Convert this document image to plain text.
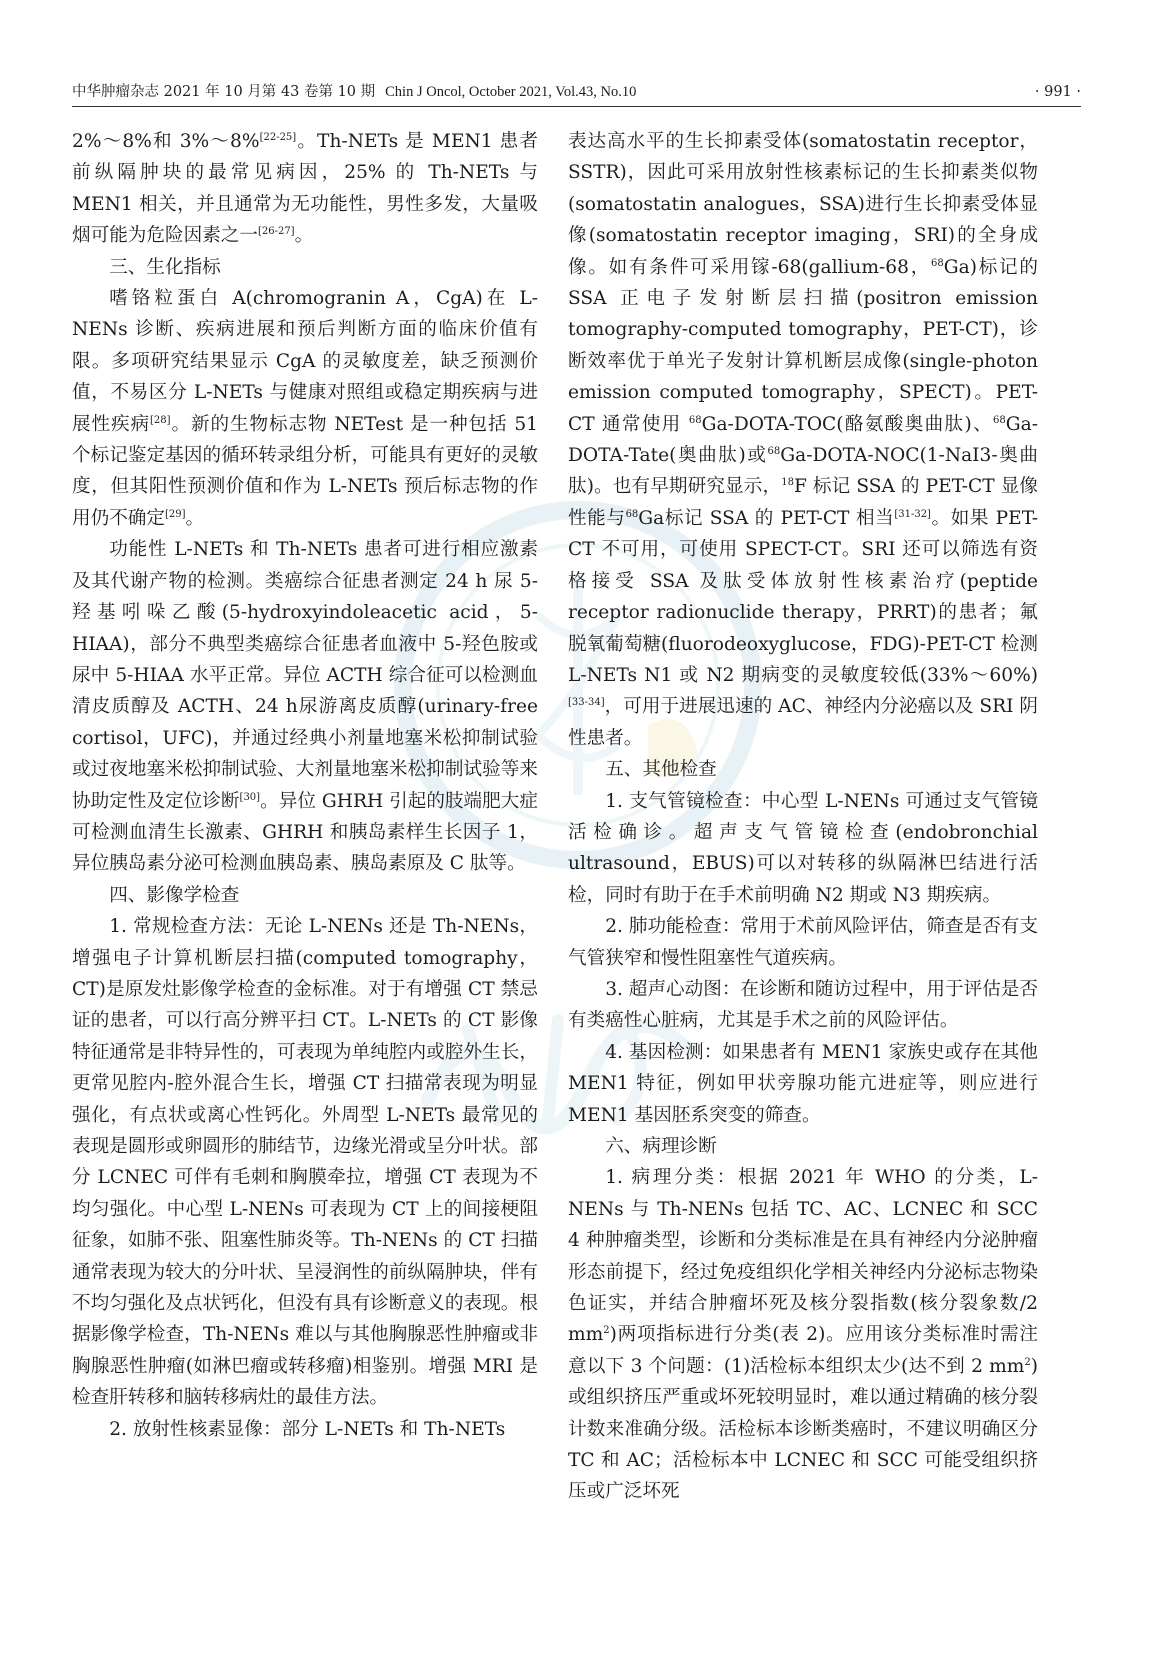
中华肿瘤杂志 2021 年 10 月第 43 卷第 10 期 Chin J Oncol, October 2021, Vol.43, No.10	· 991 ·

2%～8%和 3%～8%[22-25]。Th-NETs 是 MEN1 患者前纵隔肿块的最常见病因，25% 的 Th-NETs 与 MEN1 相关，并且通常为无功能性，男性多发，大量吸烟可能为危险因素之一[26-27]。

三、生化指标

嗜铬粒蛋白 A(chromogranin A，CgA)在 L-NENs 诊断、疾病进展和预后判断方面的临床价值有限。多项研究结果显示 CgA 的灵敏度差，缺乏预测价值，不易区分 L-NETs 与健康对照组或稳定期疾病与进展性疾病[28]。新的生物标志物 NETest 是一种包括 51 个标记鉴定基因的循环转录组分析，可能具有更好的灵敏度，但其阳性预测价值和作为 L-NETs 预后标志物的作用仍不确定[29]。

功能性 L-NETs 和 Th-NETs 患者可进行相应激素及其代谢产物的检测。类癌综合征患者测定 24 h 尿 5-羟基吲哚乙酸(5-hydroxyindoleacetic acid，5-HIAA)，部分不典型类癌综合征患者血液中 5-羟色胺或尿中 5-HIAA 水平正常。异位 ACTH 综合征可以检测血清皮质醇及 ACTH、24 h尿游离皮质醇(urinary-free cortisol，UFC)，并通过经典小剂量地塞米松抑制试验或过夜地塞米松抑制试验、大剂量地塞米松抑制试验等来协助定性及定位诊断[30]。异位 GHRH 引起的肢端肥大症可检测血清生长激素、GHRH 和胰岛素样生长因子 1，异位胰岛素分泌可检测血胰岛素、胰岛素原及 C 肽等。

四、影像学检查

1. 常规检查方法：无论 L-NENs 还是 Th-NENs，增强电子计算机断层扫描(computed tomography，CT)是原发灶影像学检查的金标准。对于有增强 CT 禁忌证的患者，可以行高分辨平扫 CT。L-NETs 的 CT 影像特征通常是非特异性的，可表现为单纯腔内或腔外生长，更常见腔内-腔外混合生长，增强 CT 扫描常表现为明显强化，有点状或离心性钙化。外周型 L-NETs 最常见的表现是圆形或卵圆形的肺结节，边缘光滑或呈分叶状。部分 LCNEC 可伴有毛刺和胸膜牵拉，增强 CT 表现为不均匀强化。中心型 L-NENs 可表现为 CT 上的间接梗阻征象，如肺不张、阻塞性肺炎等。Th-NENs 的 CT 扫描通常表现为较大的分叶状、呈浸润性的前纵隔肿块，伴有不均匀强化及点状钙化，但没有具有诊断意义的表现。根据影像学检查，Th-NENs 难以与其他胸腺恶性肿瘤或非胸腺恶性肿瘤(如淋巴瘤或转移瘤)相鉴别。增强 MRI 是检查肝转移和脑转移病灶的最佳方法。

2. 放射性核素显像：部分 L-NETs 和 Th-NETs

表达高水平的生长抑素受体(somatostatin receptor，SSTR)，因此可采用放射性核素标记的生长抑素类似物(somatostatin analogues，SSA)进行生长抑素受体显像(somatostatin receptor imaging，SRI)的全身成像。如有条件可采用镓-68(gallium-68，$^{68}$Ga)标记的 SSA 正电子发射断层扫描(positron emission tomography-computed tomography，PET-CT)，诊断效率优于单光子发射计算机断层成像(single-photon emission computed tomography，SPECT)。PET-CT 通常使用 $^{68}$Ga-DOTA-TOC(酪氨酸奥曲肽)、$^{68}$Ga-DOTA-Tate(奥曲肽)或$^{68}$Ga-DOTA-NOC(1-NaI3-奥曲肽)。也有早期研究显示，$^{18}$F 标记 SSA 的 PET-CT 显像性能与$^{68}$Ga标记 SSA 的 PET-CT 相当[31-32]。如果 PET-CT 不可用，可使用 SPECT-CT。SRI 还可以筛选有资格接受 SSA 及肽受体放射性核素治疗(peptide receptor radionuclide therapy，PRRT)的患者；氟脱氧葡萄糖(fluorodeoxyglucose，FDG)-PET-CT 检测 L-NETs N1 或 N2 期病变的灵敏度较低(33%～60%)[33-34]，可用于进展迅速的 AC、神经内分泌癌以及 SRI 阴性患者。

五、其他检查

1. 支气管镜检查：中心型 L-NENs 可通过支气管镜活检确诊。超声支气管镜检查(endobronchial ultrasound，EBUS)可以对转移的纵隔淋巴结进行活检，同时有助于在手术前明确 N2 期或 N3 期疾病。

2. 肺功能检查：常用于术前风险评估，筛查是否有支气管狭窄和慢性阻塞性气道疾病。

3. 超声心动图：在诊断和随访过程中，用于评估是否有类癌性心脏病，尤其是手术之前的风险评估。

4. 基因检测：如果患者有 MEN1 家族史或存在其他 MEN1 特征，例如甲状旁腺功能亢进症等，则应进行 MEN1 基因胚系突变的筛查。

六、病理诊断

1. 病理分类：根据 2021 年 WHO 的分类，L-NENs 与 Th-NENs 包括 TC、AC、LCNEC 和 SCC 4 种肿瘤类型，诊断和分类标准是在具有神经内分泌肿瘤形态前提下，经过免疫组织化学相关神经内分泌标志物染色证实，并结合肿瘤坏死及核分裂指数(核分裂象数/2 $mm^2$)两项指标进行分类(表 2)。应用该分类标准时需注意以下 3 个问题：(1)活检标本组织太少(达不到 2 $mm^2$)或组织挤压严重或坏死较明显时，难以通过精确的核分裂计数来准确分级。活检标本诊断类癌时，不建议明确区分 TC 和 AC；活检标本中 LCNEC 和 SCC 可能受组织挤压或广泛坏死
